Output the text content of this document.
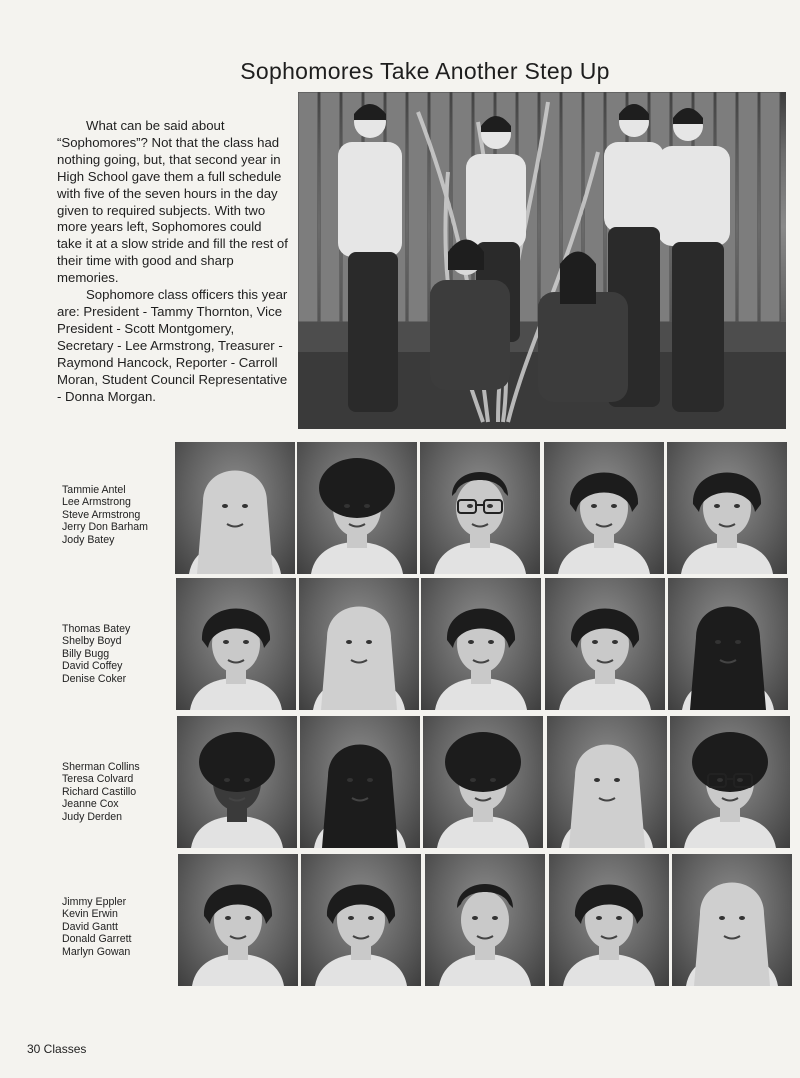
Sophomores Take Another Step Up

What can be said about “Sophomores”? Not that the class had nothing going, but, that second year in High School gave them a full schedule with five of the seven hours in the day given to required subjects. With two more years left, Sophomores could take it at a slow stride and fill the rest of their time with good and sharp memories.

Sophomore class officers this year are: President - Tammy Thornton, Vice President - Scott Montgomery, Secretary - Lee Armstrong, Treasurer - Raymond Hancock, Reporter - Carroll Moran, Student Council Representative - Donna Morgan.

Tammie Antel
Lee Armstrong
Steve Armstrong
Jerry Don Barham
Jody Batey
Thomas Batey
Shelby Boyd
Billy Bugg
David Coffey
Denise Coker
Sherman Collins
Teresa Colvard
Richard Castillo
Jeanne Cox
Judy Derden
Jimmy Eppler
Kevin Erwin
David Gantt
Donald Garrett
Marlyn Gowan
30 Classes
